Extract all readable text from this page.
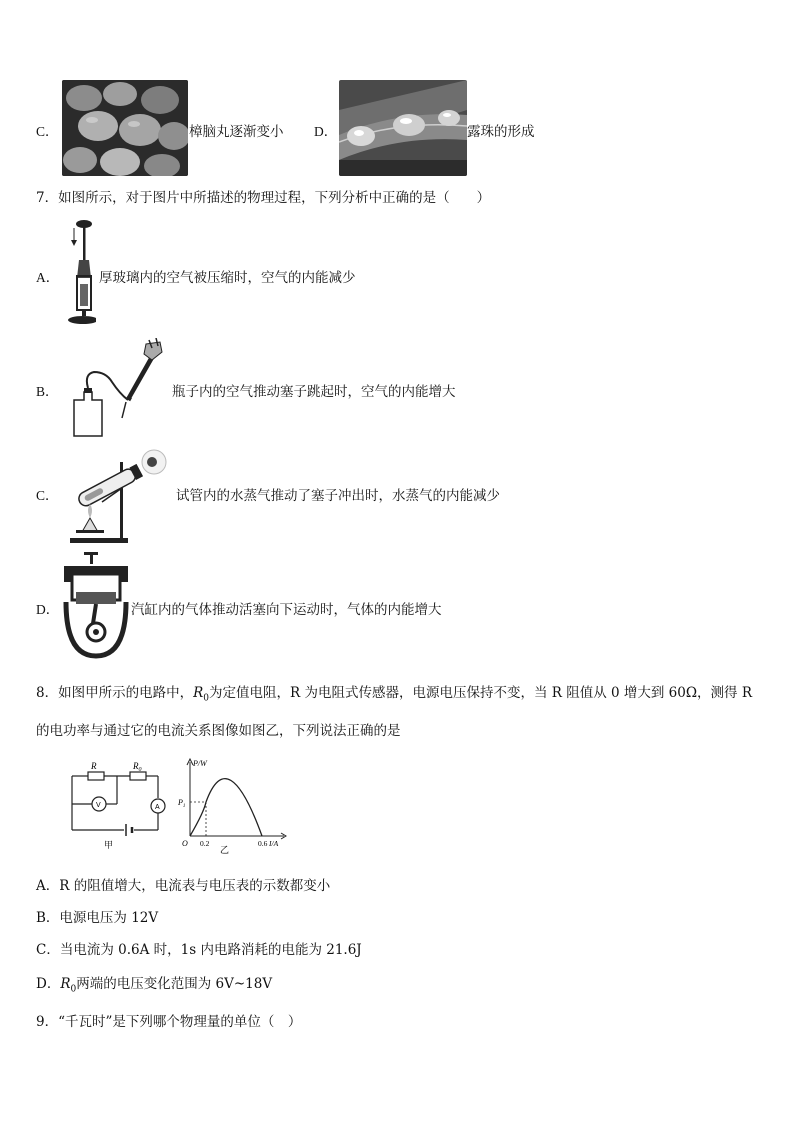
C．	樟脑丸逐渐变小 D．	露珠的形成
7．如图所示，对于图片中所描述的物理过程，下列分析中正确的是（　　）
A．	厚玻璃内的空气被压缩时，空气的内能减少
B．	瓶子内的空气推动塞子跳起时，空气的内能增大
C．	试管内的水蒸气推动了塞子冲出时，水蒸气的内能减少
D．	汽缸内的气体推动活塞向下运动时，气体的内能增大
8．如图甲所示的电路中，$R_0$为定值电阻，R 为电阻式传感器，电源电压保持不变，当 R 阻值从 0 增大到 60Ω，测得 R
的电功率与通过它的电流关系图像如图乙，下列说法正确的是
R	$R_0$
V	A
甲
P/W
$P_1$
O 0.2	0.6 I/A
乙
A．R 的阻值增大，电流表与电压表的示数都变小
B．电源电压为 12V
C．当电流为 0.6A 时，1s 内电路消耗的电能为 21.6J
D．$R_0$两端的电压变化范围为 6V~18V
9．“千瓦时”是下列哪个物理量的单位（　）
